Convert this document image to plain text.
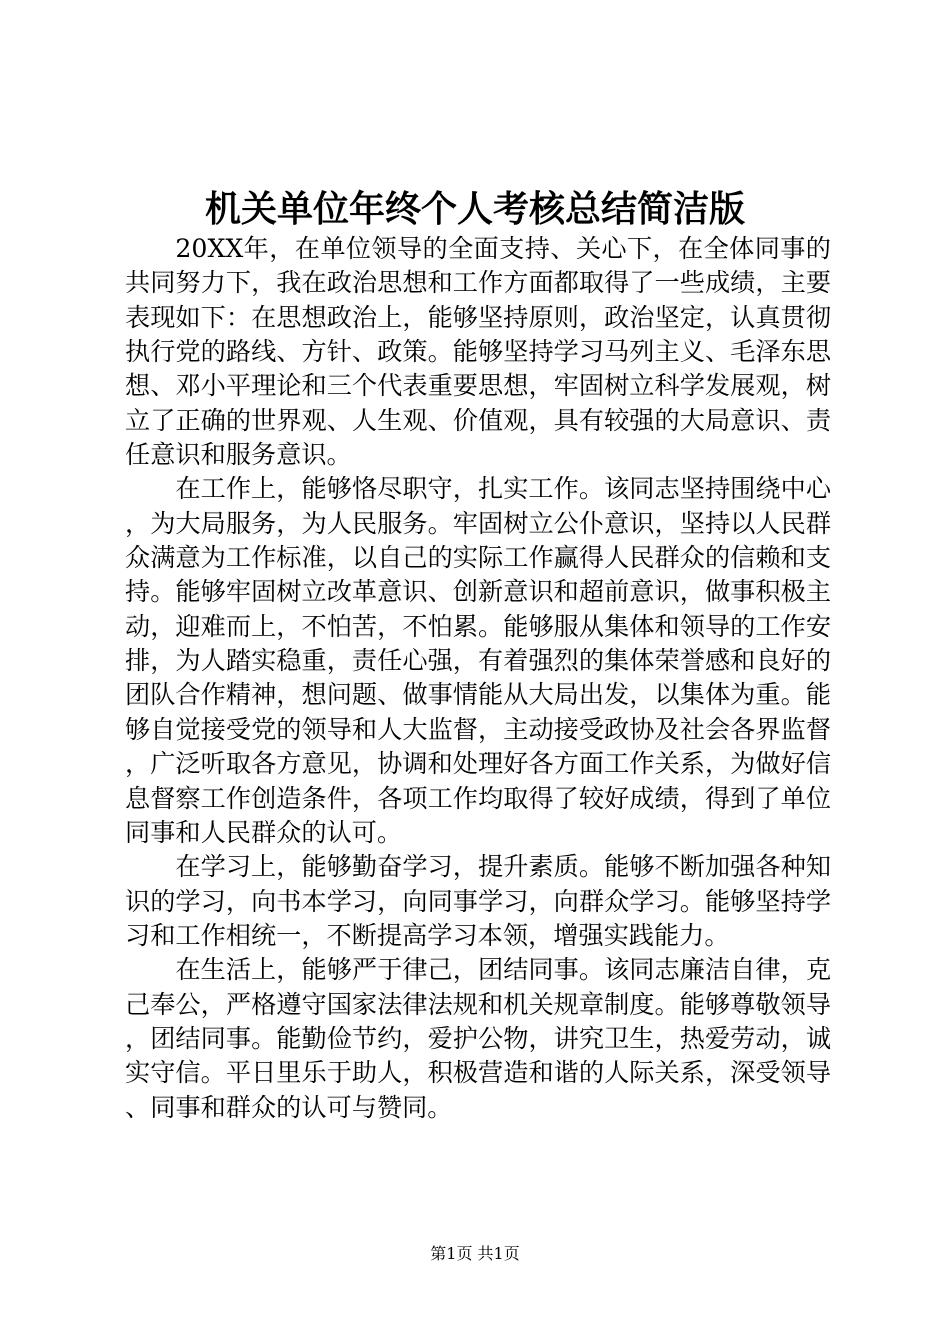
机关单位年终个人考核总结简洁版

20XX年，在单位领导的全面支持、关心下，在全体同事的共同努力下，我在政治思想和工作方面都取得了一些成绩，主要表现如下：在思想政治上，能够坚持原则，政治坚定，认真贯彻执行党的路线、方针、政策。能够坚持学习马列主义、毛泽东思想、邓小平理论和三个代表重要思想，牢固树立科学发展观，树立了正确的世界观、人生观、价值观，具有较强的大局意识、责任意识和服务意识。

在工作上，能够恪尽职守，扎实工作。该同志坚持围绕中心，为大局服务，为人民服务。牢固树立公仆意识，坚持以人民群众满意为工作标准，以自己的实际工作赢得人民群众的信赖和支持。能够牢固树立改革意识、创新意识和超前意识，做事积极主动，迎难而上，不怕苦，不怕累。能够服从集体和领导的工作安排，为人踏实稳重，责任心强，有着强烈的集体荣誉感和良好的团队合作精神，想问题、做事情能从大局出发，以集体为重。能够自觉接受党的领导和人大监督，主动接受政协及社会各界监督，广泛听取各方意见，协调和处理好各方面工作关系，为做好信息督察工作创造条件，各项工作均取得了较好成绩，得到了单位同事和人民群众的认可。

在学习上，能够勤奋学习，提升素质。能够不断加强各种知识的学习，向书本学习，向同事学习，向群众学习。能够坚持学习和工作相统一，不断提高学习本领，增强实践能力。

在生活上，能够严于律己，团结同事。该同志廉洁自律，克己奉公，严格遵守国家法律法规和机关规章制度。能够尊敬领导，团结同事。能勤俭节约，爱护公物，讲究卫生，热爱劳动，诚实守信。平日里乐于助人，积极营造和谐的人际关系，深受领导、同事和群众的认可与赞同。

第1页 共1页
